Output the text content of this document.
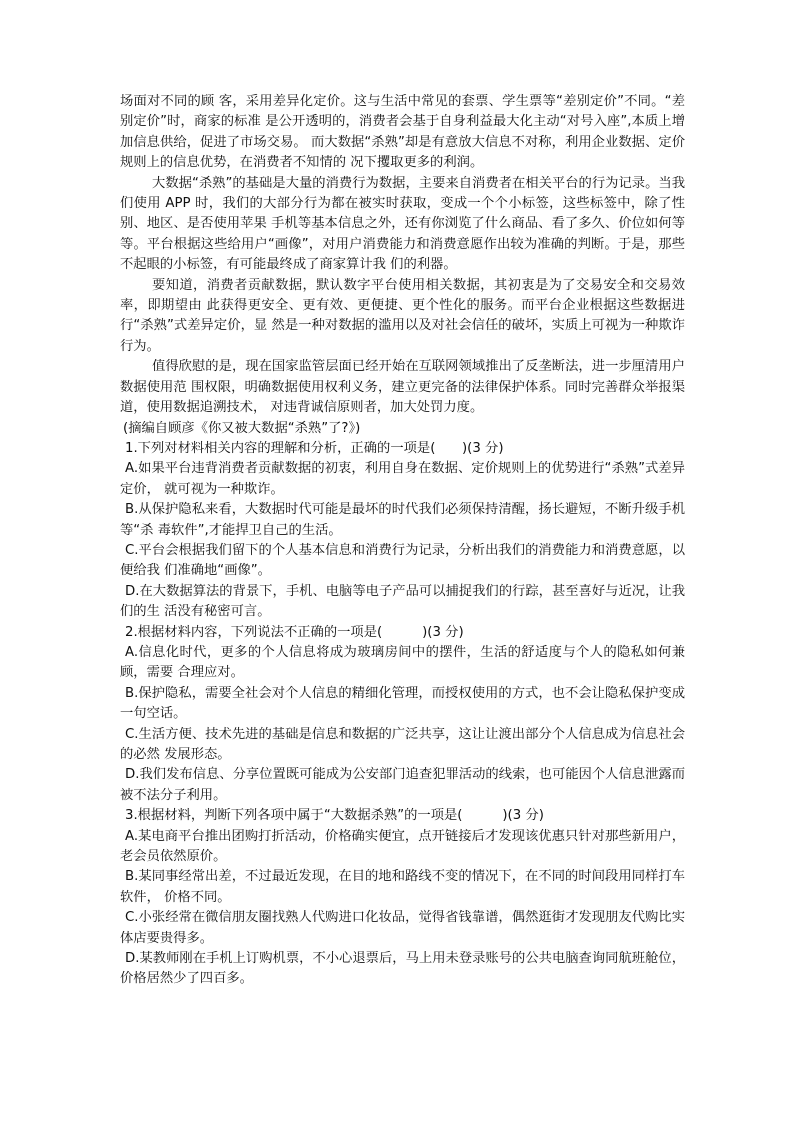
场面对不同的顾 客，采用差异化定价。这与生活中常见的套票、学生票等“差别定价”不同。“差别定价”时，商家的标准 是公开透明的，消费者会基于自身利益最大化主动“对号入座”,本质上增加信息供给，促进了市场交易。 而大数据“杀熟”却是有意放大信息不对称，利用企业数据、定价规则上的信息优势，在消费者不知情的 况下攫取更多的利润。

大数据“杀熟”的基础是大量的消费行为数据，主要来自消费者在相关平台的行为记录。当我们使用 APP 时，我们的大部分行为都在被实时获取，变成一个个小标签，这些标签中，除了性别、地区、是否使用苹果 手机等基本信息之外，还有你浏览了什么商品、看了多久、价位如何等等。平台根据这些给用户“画像”，对用户消费能力和消费意愿作出较为准确的判断。于是，那些不起眼的小标签，有可能最终成了商家算计我 们的利器。

要知道，消费者贡献数据，默认数字平台使用相关数据，其初衷是为了交易安全和交易效率，即期望由 此获得更安全、更有效、更便捷、更个性化的服务。而平台企业根据这些数据进行“杀熟”式差异定价，显 然是一种对数据的滥用以及对社会信任的破坏，实质上可视为一种欺诈行为。

值得欣慰的是，现在国家监管层面已经开始在互联网领域推出了反垄断法，进一步厘清用户数据使用范 围权限，明确数据使用权利义务，建立更完备的法律保护体系。同时完善群众举报渠道，使用数据追溯技术， 对违背诚信原则者，加大处罚力度。

(摘编自顾彦《你又被大数据“杀熟”了?》)

1.下列对材料相关内容的理解和分析，正确的一项是(　　)(3 分)

A.如果平台违背消费者贡献数据的初衷，利用自身在数据、定价规则上的优势进行“杀熟”式差异定价， 就可视为一种欺诈。

B.从保护隐私来看，大数据时代可能是最坏的时代我们必须保持清醒，扬长避短，不断升级手机等“杀 毒软件”,才能捍卫自己的生活。

C.平台会根据我们留下的个人基本信息和消费行为记录，分析出我们的消费能力和消费意愿，以便给我 们准确地“画像”。

D.在大数据算法的背景下，手机、电脑等电子产品可以捕捉我们的行踪，甚至喜好与近况，让我们的生 活没有秘密可言。

2.根据材料内容，下列说法不正确的一项是(　　　)(3 分)

A.信息化时代，更多的个人信息将成为玻璃房间中的摆件，生活的舒适度与个人的隐私如何兼顾，需要 合理应对。

B.保护隐私，需要全社会对个人信息的精细化管理，而授权使用的方式，也不会让隐私保护变成一句空话。

C.生活方便、技术先进的基础是信息和数据的广泛共享，这让让渡出部分个人信息成为信息社会的必然 发展形态。

D.我们发布信息、分享位置既可能成为公安部门追查犯罪活动的线索，也可能因个人信息泄露而被不法分子利用。

3.根据材料，判断下列各项中属于“大数据杀熟”的一项是(　　　)(3 分)

A.某电商平台推出团购打折活动，价格确实便宜，点开链接后才发现该优惠只针对那些新用户，老会员依然原价。

B.某同事经常出差，不过最近发现，在目的地和路线不变的情况下，在不同的时间段用同样打车软件， 价格不同。

C.小张经常在微信朋友圈找熟人代购进口化妆品，觉得省钱靠谱，偶然逛街才发现朋友代购比实体店要贵得多。

D.某教师刚在手机上订购机票，不小心退票后，马上用未登录账号的公共电脑查询同航班舱位，价格居然少了四百多。
